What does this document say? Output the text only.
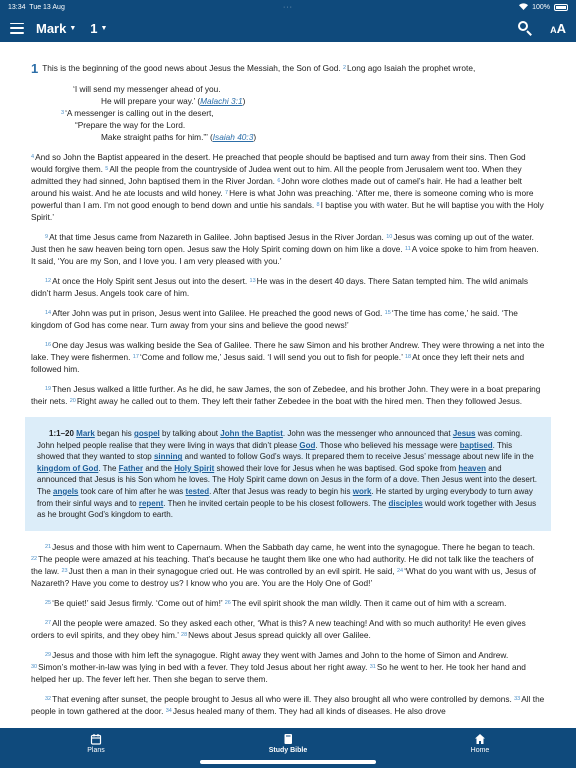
13:34 Tue 13 Aug	···	100%
Mark ▼ 1 ▼	AA

1 This is the beginning of the good news about Jesus the Messiah, the Son of God. $^2$Long ago Isaiah the prophet wrote,

‘I will send my messenger ahead of you.
He will prepare your way.’ (Malachi 3:1)
$^3$‘A messenger is calling out in the desert,
“Prepare the way for the Lord.
Make straight paths for him.”’ (Isaiah 40:3)

$^4$And so John the Baptist appeared in the desert. He preached that people should be baptised and turn away from their sins. Then God would forgive them. $^5$All the people from the countryside of Judea went out to him. All the people from Jerusalem went too. When they admitted they had sinned, John baptised them in the River Jordan. $^6$John wore clothes made out of camel’s hair. He had a leather belt around his waist. And he ate locusts and wild honey. $^7$Here is what John was preaching. ‘After me, there is someone coming who is more powerful than I am. I’m not good enough to bend down and untie his sandals. $^8$I baptise you with water. But he will baptise you with the Holy Spirit.’

$^9$At that time Jesus came from Nazareth in Galilee. John baptised Jesus in the River Jordan. $^{10}$Jesus was coming up out of the water. Just then he saw heaven being torn open. Jesus saw the Holy Spirit coming down on him like a dove. $^{11}$A voice spoke to him from heaven. It said, ‘You are my Son, and I love you. I am very pleased with you.’

$^{12}$At once the Holy Spirit sent Jesus out into the desert. $^{13}$He was in the desert 40 days. There Satan tempted him. The wild animals didn’t harm Jesus. Angels took care of him.

$^{14}$After John was put in prison, Jesus went into Galilee. He preached the good news of God. $^{15}$‘The time has come,’ he said. ‘The kingdom of God has come near. Turn away from your sins and believe the good news!’

$^{16}$One day Jesus was walking beside the Sea of Galilee. There he saw Simon and his brother Andrew. They were throwing a net into the lake. They were fishermen. $^{17}$‘Come and follow me,’ Jesus said. ‘I will send you out to fish for people.’ $^{18}$At once they left their nets and followed him.

$^{19}$Then Jesus walked a little further. As he did, he saw James, the son of Zebedee, and his brother John. They were in a boat preparing their nets. $^{20}$Right away he called out to them. They left their father Zebedee in the boat with the hired men. Then they followed Jesus.

1:1–20 Mark began his gospel by talking about John the Baptist. John was the messenger who announced that Jesus was coming. John helped people realise that they were living in ways that didn’t please God. Those who believed his message were baptised. This showed that they wanted to stop sinning and wanted to follow God’s ways. It prepared them to receive Jesus’ message about new life in the kingdom of God. The Father and the Holy Spirit showed their love for Jesus when he was baptised. God spoke from heaven and announced that Jesus is his Son whom he loves. The Holy Spirit came down on Jesus in the form of a dove. Then Jesus went into the desert. The angels took care of him after he was tested. After that Jesus was ready to begin his work. He started by urging everybody to turn away from their sinful ways and to repent. Then he invited certain people to be his closest followers. The disciples would work together with Jesus as he brought God’s kingdom to earth.

$^{21}$Jesus and those with him went to Capernaum. When the Sabbath day came, he went into the synagogue. There he began to teach. $^{22}$The people were amazed at his teaching. That’s because he taught them like one who had authority. He did not talk like the teachers of the law. $^{23}$Just then a man in their synagogue cried out. He was controlled by an evil spirit. He said, $^{24}$‘What do you want with us, Jesus of Nazareth? Have you come to destroy us? I know who you are. You are the Holy One of God!’

$^{25}$‘Be quiet!’ said Jesus firmly. ‘Come out of him!’ $^{26}$The evil spirit shook the man wildly. Then it came out of him with a scream.

$^{27}$All the people were amazed. So they asked each other, ‘What is this? A new teaching! And with so much authority! He even gives orders to evil spirits, and they obey him.’ $^{28}$News about Jesus spread quickly all over Galilee.

$^{29}$Jesus and those with him left the synagogue. Right away they went with James and John to the home of Simon and Andrew. $^{30}$Simon’s mother-in-law was lying in bed with a fever. They told Jesus about her right away. $^{31}$So he went to her. He took her hand and helped her up. The fever left her. Then she began to serve them.

$^{32}$That evening after sunset, the people brought to Jesus all who were ill. They also brought all who were controlled by demons. $^{33}$All the people in town gathered at the door. $^{34}$Jesus healed many of them. They had all kinds of diseases. He also drove

Plans	Study Bible	Home
